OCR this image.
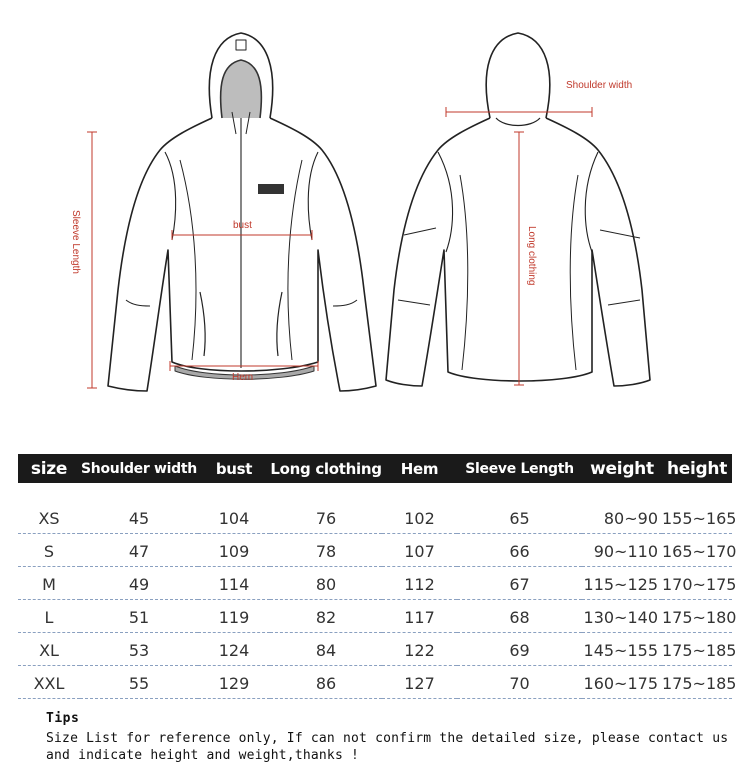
Shoulder width
Sleeve Length	bust
Long clothing
Hem
size	Shoulder width	bust	Long clothing	Hem	Sleeve Length	weight	height

XS	45	104	76	102	65	80~90	155~165
S	47	109	78	107	66	90~110	165~170
M	49	114	80	112	67	115~125	170~175
L	51	119	82	117	68	130~140	175~180
XL	53	124	84	122	69	145~155	175~185
XXL	55	129	86	127	70	160~175	175~185
Tips
Size List for reference only, If can not confirm the detailed size, please contact us
and indicate height and weight,thanks !
